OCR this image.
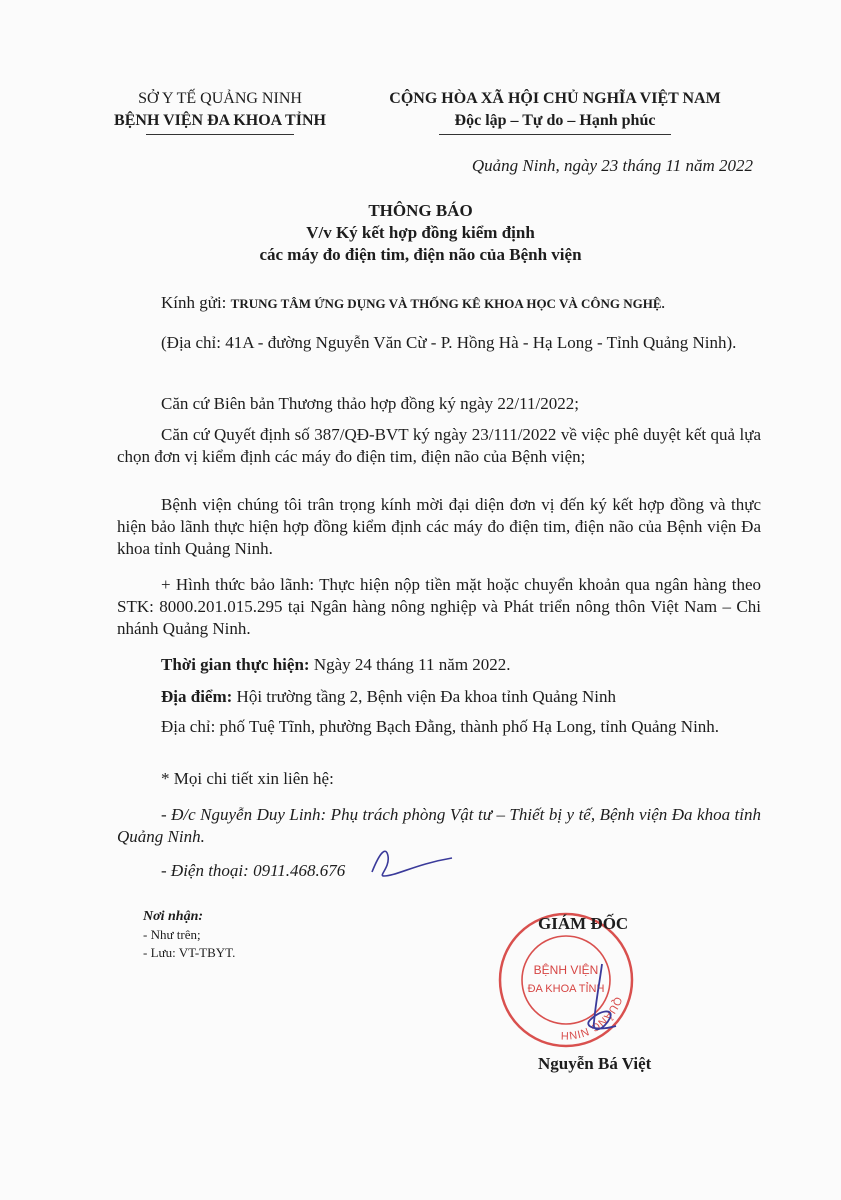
SỞ Y TẾ QUẢNG NINH
BỆNH VIỆN ĐA KHOA TỈNH
CỘNG HÒA XÃ HỘI CHỦ NGHĨA VIỆT NAM
Độc lập – Tự do – Hạnh phúc
Quảng Ninh, ngày 23 tháng 11 năm 2022
THÔNG BÁO
V/v Ký kết hợp đồng kiểm định
các máy đo điện tim, điện não của Bệnh viện
Kính gửi: TRUNG TÂM ỨNG DỤNG VÀ THỐNG KÊ KHOA HỌC VÀ CÔNG NGHỆ.
(Địa chỉ: 41A - đường Nguyễn Văn Cừ - P. Hồng Hà - Hạ Long - Tỉnh Quảng Ninh).
Căn cứ Biên bản Thương thảo hợp đồng ký ngày 22/11/2022;
Căn cứ Quyết định số 387/QĐ-BVT ký ngày 23/111/2022 về việc phê duyệt kết quả lựa chọn đơn vị kiểm định các máy đo điện tim, điện não của Bệnh viện;
Bệnh viện chúng tôi trân trọng kính mời đại diện đơn vị đến ký kết hợp đồng và thực hiện bảo lãnh thực hiện hợp đồng kiểm định các máy đo điện tim, điện não của Bệnh viện Đa khoa tỉnh Quảng Ninh.
+ Hình thức bảo lãnh: Thực hiện nộp tiền mặt hoặc chuyển khoản qua ngân hàng theo STK: 8000.201.015.295 tại Ngân hàng nông nghiệp và Phát triển nông thôn Việt Nam – Chi nhánh Quảng Ninh.
Thời gian thực hiện: Ngày 24 tháng 11 năm 2022.
Địa điểm: Hội trường tầng 2, Bệnh viện Đa khoa tỉnh Quảng Ninh
Địa chỉ: phố Tuệ Tĩnh, phường Bạch Đằng, thành phố Hạ Long, tỉnh Quảng Ninh.
* Mọi chi tiết xin liên hệ:
- Đ/c Nguyễn Duy Linh: Phụ trách phòng Vật tư – Thiết bị y tế, Bệnh viện Đa khoa tỉnh Quảng Ninh.
- Điện thoại: 0911.468.676
Nơi nhận:
- Như trên;
- Lưu: VT-TBYT.
QUẢNG NINH
BỆNH VIỆN
ĐA KHOA TỈNH
GIÁM ĐỐC
Nguyễn Bá Việt
